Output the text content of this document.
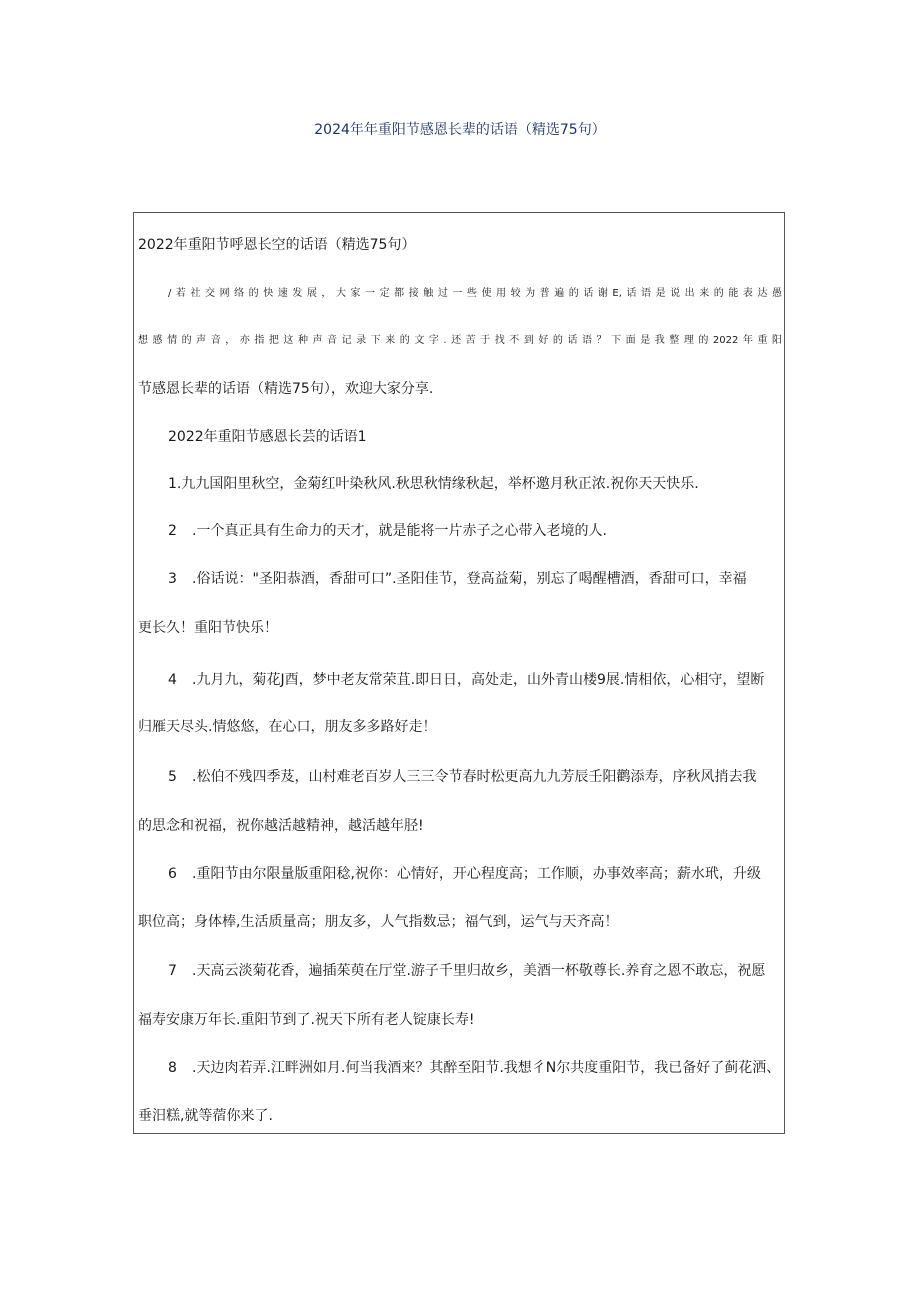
2024年年重阳节感恩长辈的话语（精选75句）
2022年重阳节呼恩长空的话语（精选75句）
/若社交网络的快速发展，大家一定都接触过一些使用较为普遍的话谢E,话语是说出来的能表达愚
想感情的声音，亦指把这种声音记录下来的文字.还苦于找不到好的话语？下面是我整理的2022年重阳
节感恩长辈的话语（精选75句），欢迎大家分享.
2022年重阳节感恩长芸的话语1
1.九九国阳里秋空，金菊红叶染秋风.秋思秋情缘秋起，举杯邀月秋正浓.祝你天天快乐.
2 .一个真正具有生命力的天才，就是能将一片赤子之心带入老境的人.
3 .俗话说："圣阳恭酒，香甜可口”.圣阳佳节，登高益菊，别忘了喝醒槽酒，香甜可口，幸福
更长久！重阳节快乐！
4 .九月九，菊花J酉，梦中老友常荣苴.即日日，高处走，山外青山楼9展.情相依，心相守，望断
归雁天尽头.情悠悠，在心口，朋友多多路好走！
5 .松伯不残四季芨，山村难老百岁人三三令节春时松更高九九芳辰壬阳鹳添寿，序秋风捎去我
的思念和祝福，祝你越活越精神，越活越年胫!
6 .重阳节由尔限量版重阳稔,祝你：心情好，开心程度高；工作顺，办事效率高；薪水玳，升级
职位高；身体棒,生活质量高；朋友多，人气指数忌；福气到，运气与天齐高！
7 .天高云淡菊花香，遍插茱萸在厅堂.游子千里归故乡，美酒一杯敬尊长.养育之恩不敢忘，祝愿
福寿安康万年长.重阳节到了.祝天下所有老人锭康长寿!
8 .天边肉若弄.江畔洲如月.何当我酒来？其醉至阳节.我想彳N尔共度重阳节，我已备好了蓟花洒、
垂汨糕,就等蓿你来了.
